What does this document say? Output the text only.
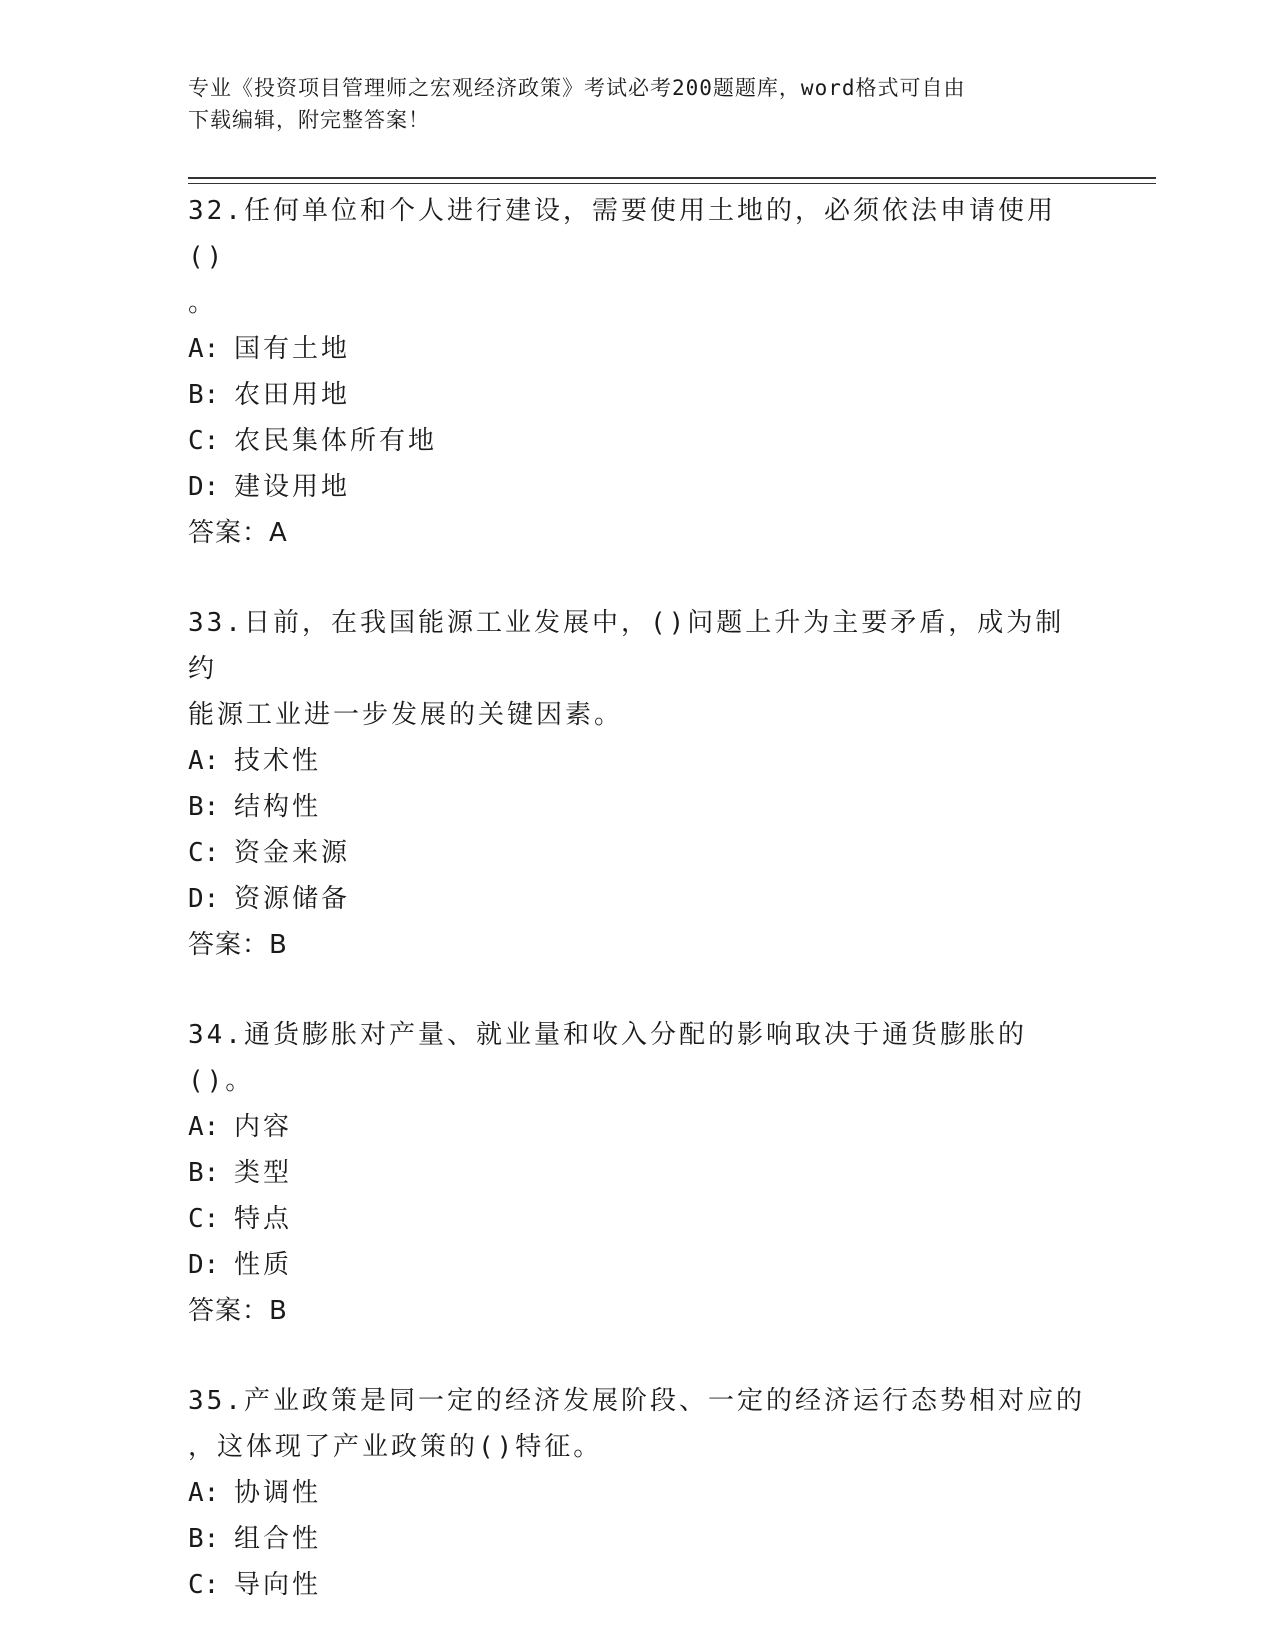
专业《投资项目管理师之宏观经济政策》考试必考200题题库，word格式可自由
下载编辑，附完整答案！

32.任何单位和个人进行建设，需要使用土地的，必须依法申请使用()
。

A: 国有土地

B: 农田用地

C: 农民集体所有地

D: 建设用地

答案：A

33.日前，在我国能源工业发展中，()问题上升为主要矛盾，成为制约
能源工业进一步发展的关键因素。

A: 技术性

B: 结构性

C: 资金来源

D: 资源储备

答案：B

34.通货膨胀对产量、就业量和收入分配的影响取决于通货膨胀的()。

A: 内容

B: 类型

C: 特点

D: 性质

答案：B

35.产业政策是同一定的经济发展阶段、一定的经济运行态势相对应的
，这体现了产业政策的()特征。

A: 协调性

B: 组合性

C: 导向性
